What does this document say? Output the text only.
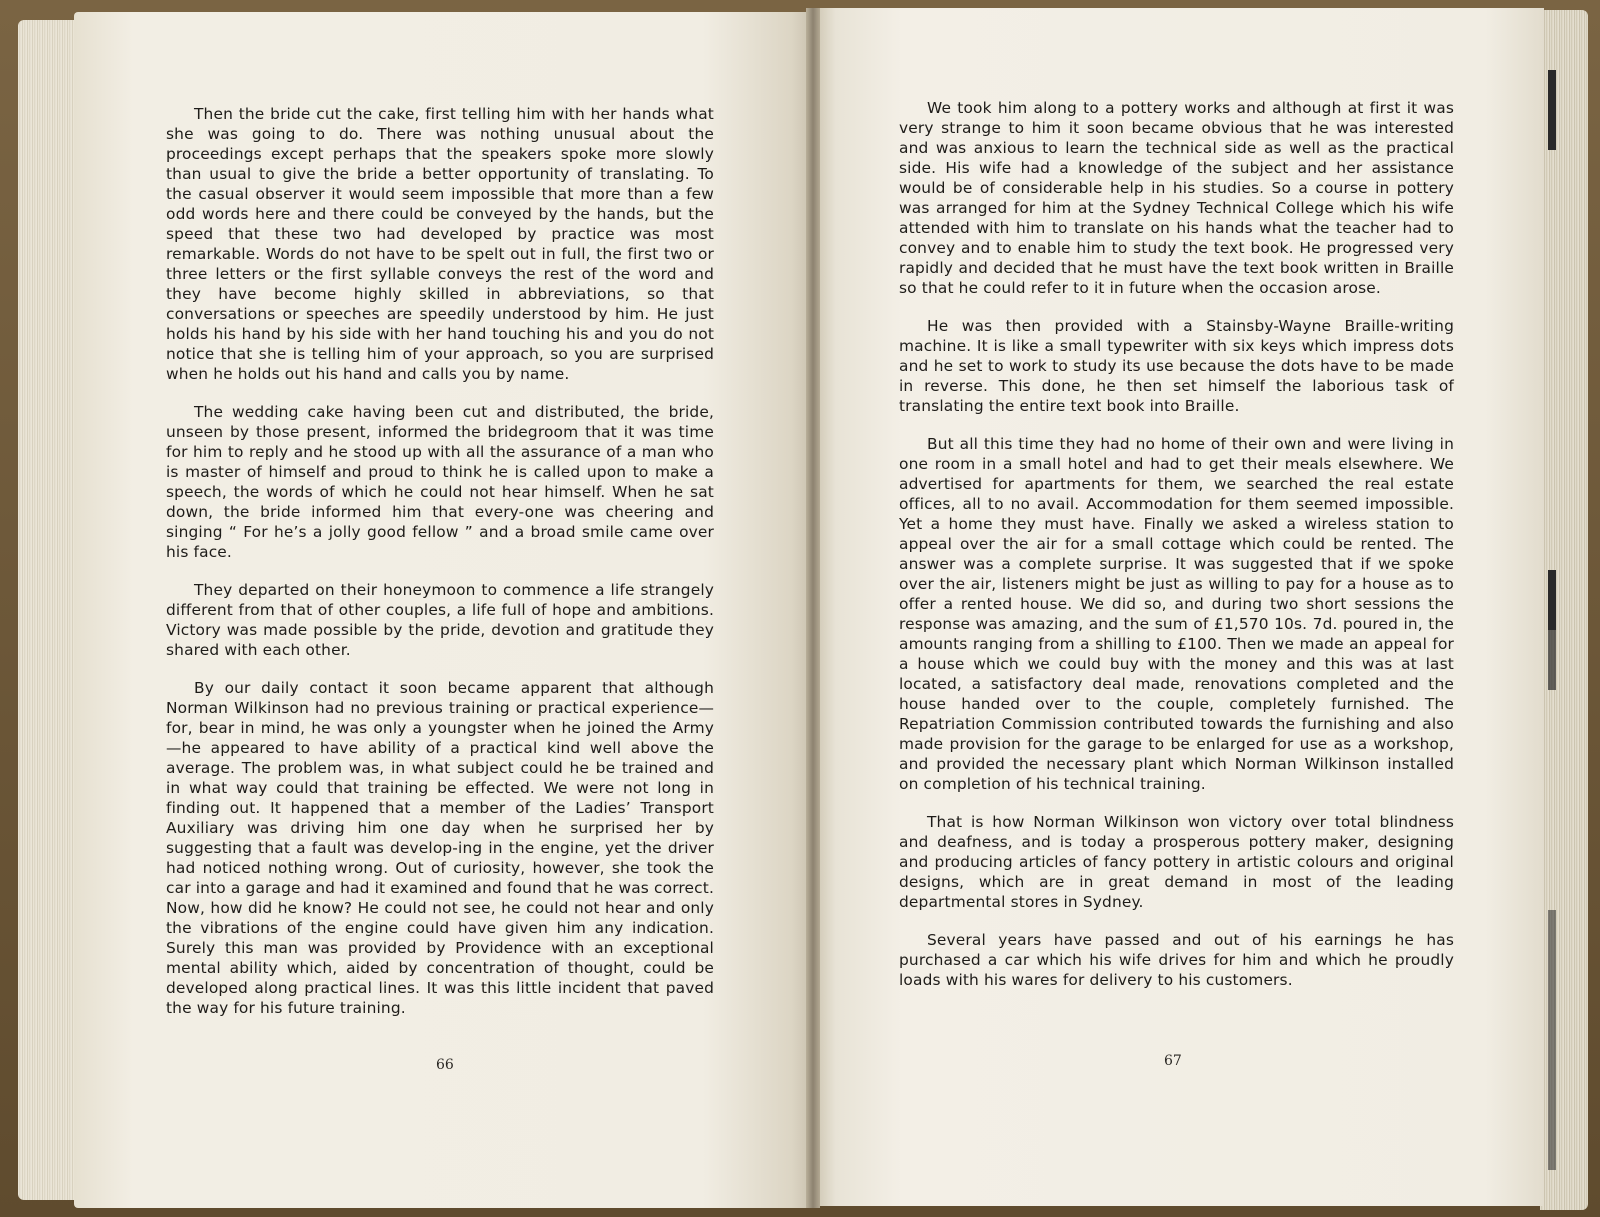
Then the bride cut the cake, first telling him with her hands what she was going to do. There was nothing unusual about the proceedings except perhaps that the speakers spoke more slowly than usual to give the bride a better opportunity of translating. To the casual observer it would seem impossible that more than a few odd words here and there could be conveyed by the hands, but the speed that these two had developed by practice was most remarkable. Words do not have to be spelt out in full, the first two or three letters or the first syllable conveys the rest of the word and they have become highly skilled in abbreviations, so that conversations or speeches are speedily understood by him. He just holds his hand by his side with her hand touching his and you do not notice that she is telling him of your approach, so you are surprised when he holds out his hand and calls you by name.

The wedding cake having been cut and distributed, the bride, unseen by those present, informed the bridegroom that it was time for him to reply and he stood up with all the assurance of a man who is master of himself and proud to think he is called upon to make a speech, the words of which he could not hear himself. When he sat down, the bride informed him that every-one was cheering and singing “ For he’s a jolly good fellow ” and a broad smile came over his face.

They departed on their honeymoon to commence a life strangely different from that of other couples, a life full of hope and ambitions. Victory was made possible by the pride, devotion and gratitude they shared with each other.

By our daily contact it soon became apparent that although Norman Wilkinson had no previous training or practical experience—for, bear in mind, he was only a youngster when he joined the Army—he appeared to have ability of a practical kind well above the average. The problem was, in what subject could he be trained and in what way could that training be effected. We were not long in finding out. It happened that a member of the Ladies’ Transport Auxiliary was driving him one day when he surprised her by suggesting that a fault was develop-ing in the engine, yet the driver had noticed nothing wrong. Out of curiosity, however, she took the car into a garage and had it examined and found that he was correct. Now, how did he know? He could not see, he could not hear and only the vibrations of the engine could have given him any indication. Surely this man was provided by Providence with an exceptional mental ability which, aided by concentration of thought, could be developed along practical lines. It was this little incident that paved the way for his future training.

66

We took him along to a pottery works and although at first it was very strange to him it soon became obvious that he was interested and was anxious to learn the technical side as well as the practical side. His wife had a knowledge of the subject and her assistance would be of considerable help in his studies. So a course in pottery was arranged for him at the Sydney Technical College which his wife attended with him to translate on his hands what the teacher had to convey and to enable him to study the text book. He progressed very rapidly and decided that he must have the text book written in Braille so that he could refer to it in future when the occasion arose.

He was then provided with a Stainsby-Wayne Braille-writing machine. It is like a small typewriter with six keys which impress dots and he set to work to study its use because the dots have to be made in reverse. This done, he then set himself the laborious task of translating the entire text book into Braille.

But all this time they had no home of their own and were living in one room in a small hotel and had to get their meals elsewhere. We advertised for apartments for them, we searched the real estate offices, all to no avail. Accommodation for them seemed impossible. Yet a home they must have. Finally we asked a wireless station to appeal over the air for a small cottage which could be rented. The answer was a complete surprise. It was suggested that if we spoke over the air, listeners might be just as willing to pay for a house as to offer a rented house. We did so, and during two short sessions the response was amazing, and the sum of £1,570 10s. 7d. poured in, the amounts ranging from a shilling to £100. Then we made an appeal for a house which we could buy with the money and this was at last located, a satisfactory deal made, renovations completed and the house handed over to the couple, completely furnished. The Repatriation Commission contributed towards the furnishing and also made provision for the garage to be enlarged for use as a workshop, and provided the necessary plant which Norman Wilkinson installed on completion of his technical training.

That is how Norman Wilkinson won victory over total blindness and deafness, and is today a prosperous pottery maker, designing and producing articles of fancy pottery in artistic colours and original designs, which are in great demand in most of the leading departmental stores in Sydney.

Several years have passed and out of his earnings he has purchased a car which his wife drives for him and which he proudly loads with his wares for delivery to his customers.

67
